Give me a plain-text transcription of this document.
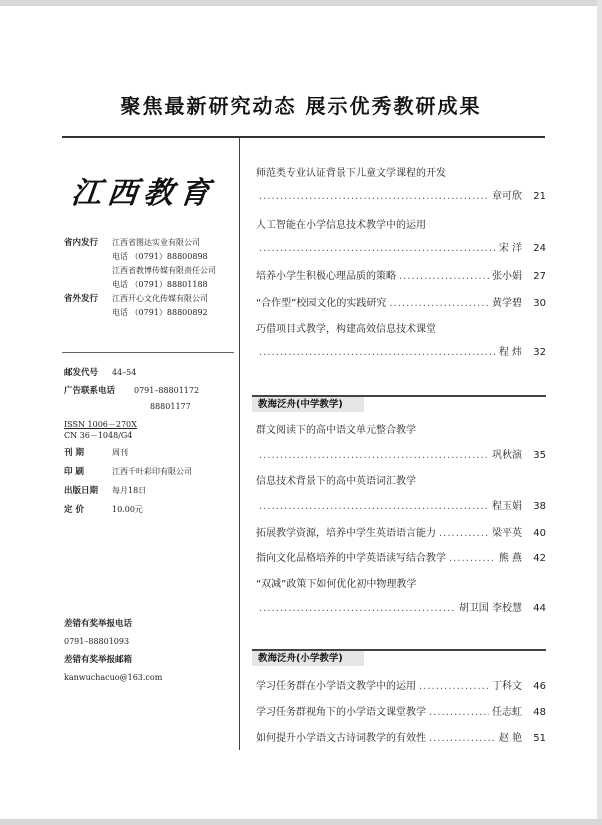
聚焦最新研究动态 展示优秀教研成果
江西教育
省内发行 江西省图达实业有限公司
电话 （0791）88800898
江西省教博传媒有限责任公司
电话 （0791）88801188
省外发行 江西开心文化传媒有限公司
电话 （0791）88800892
邮发代号 44–54
广告联系电话 0791–88801172
88801177
ISSN 1006－270X
CN 36－1048/G4
刊 期	周刊
印 刷	江西千叶彩印有限公司
出版日期 每月18日
定 价	10.00元
差错有奖举报电话
0791–88801093
差错有奖举报邮箱
kanwuchacuo@163.com
师范类专业认证背景下儿童文学课程的开发
.....
章可欣	21
人工智能在小学信息技术教学中的运用
.....
宋 洋	24
培养小学生积极心理品质的策略 .....	张小娟	27
“合作型”校园文化的实践研究 .....	黄学碧	30
巧借项目式教学，构建高效信息技术课堂
.....
程 炜	32
教海泛舟(中学教学)
群文阅读下的高中语文单元整合教学
.....
巩秋演	35
信息技术背景下的高中英语词汇教学
.....
程玉娟	38
拓展教学资源，培养中学生英语语言能力 .....	梁平英	40
指向文化品格培养的中学英语读写结合教学 .....	熊 燕	42
“双减”政策下如何优化初中物理教学
.....
胡卫国 李校慧	44
教海泛舟(小学教学)
学习任务群在小学语文教学中的运用 .....	丁科文	46
学习任务群视角下的小学语文课堂教学 .....	任志虹	48
如何提升小学语文古诗词教学的有效性 .....	赵 艳	51
